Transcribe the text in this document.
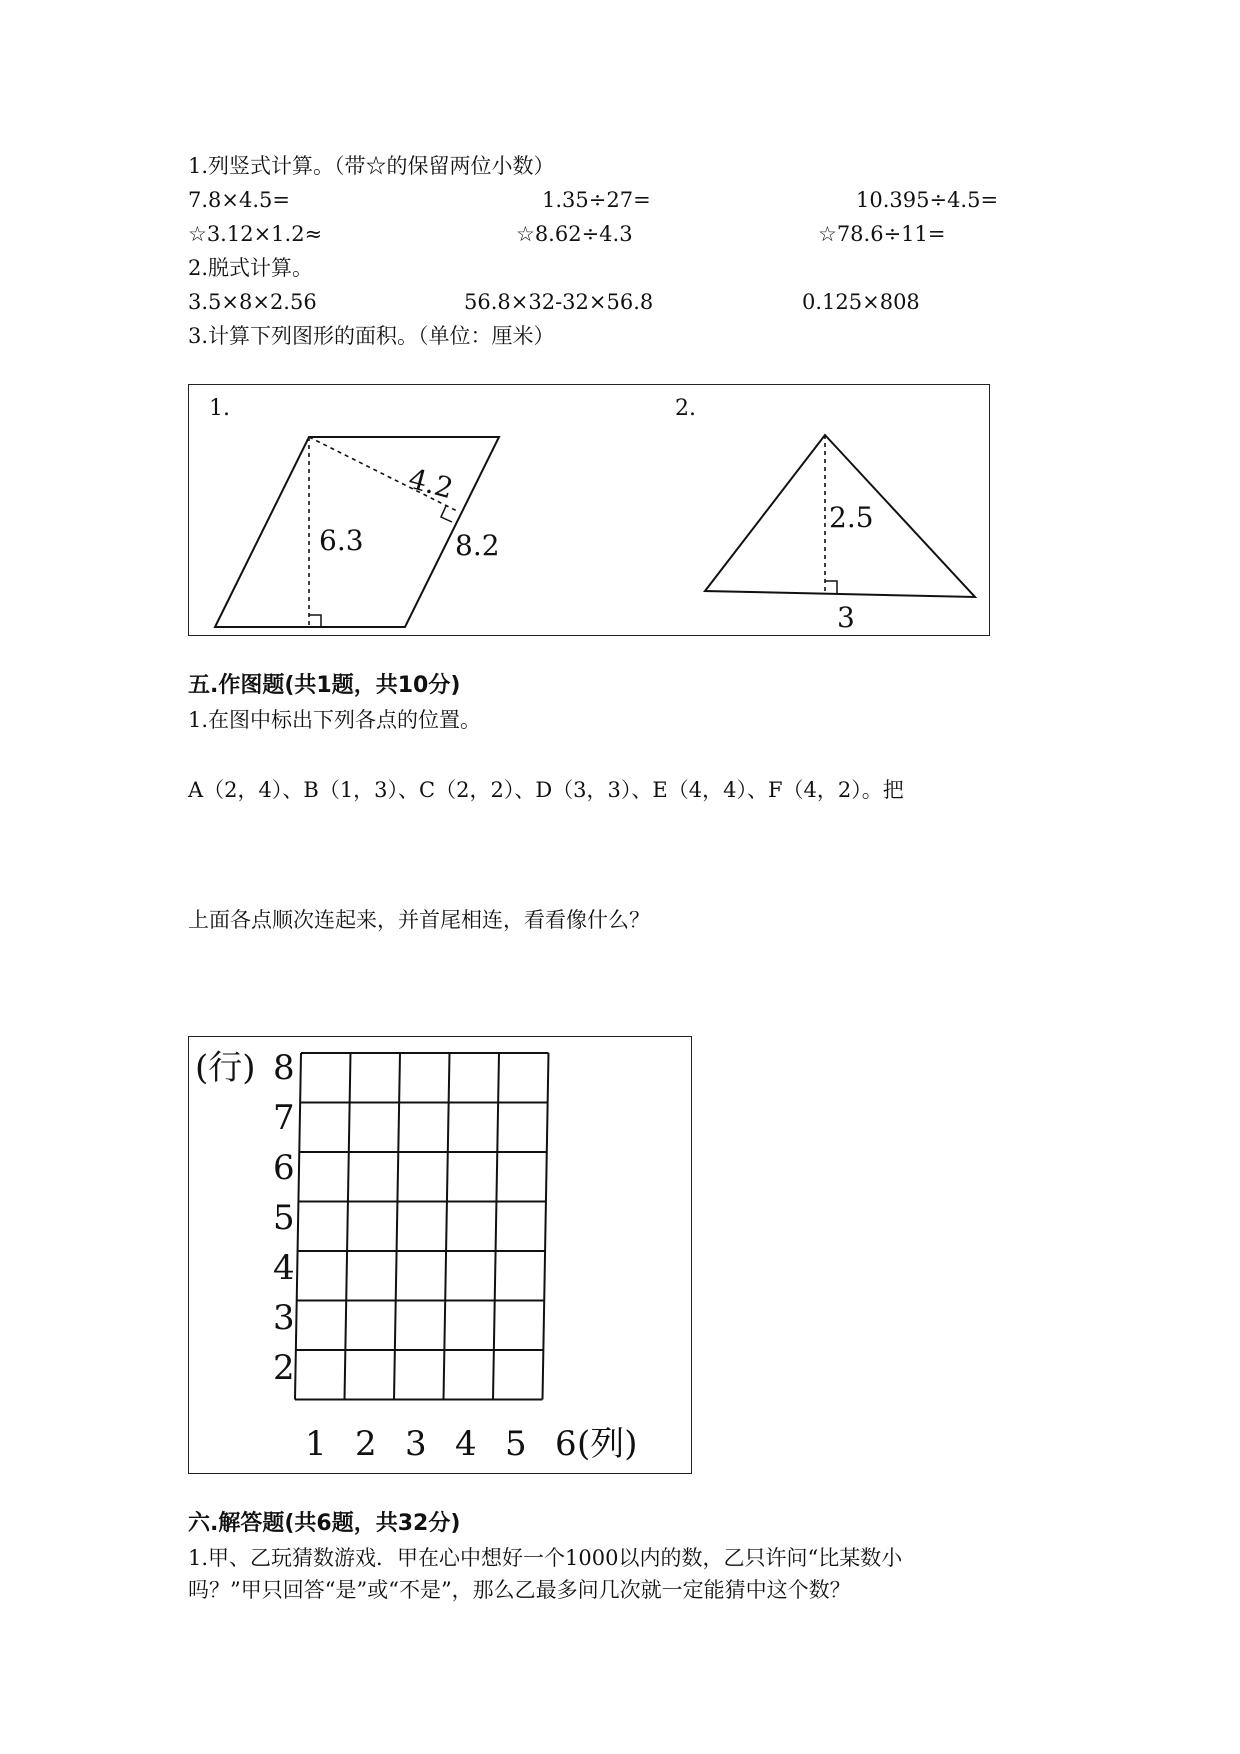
1.列竖式计算。（带☆的保留两位小数）
7.8×4.5=	1.35÷27=	10.395÷4.5=
☆3.12×1.2≈	☆8.62÷4.3	☆78.6÷11=
2.脱式计算。
3.5×8×2.56	56.8×32-32×56.8	0.125×808
3.计算下列图形的面积。（单位：厘米）
1.	2.
4.2
6.3	8.2
2.5
3
五.作图题(共1题，共10分)
1.在图中标出下列各点的位置。
A（2，4）、B（1，3）、C（2，2）、D（3，3）、E（4，4）、F（4，2）。把
上面各点顺次连起来，并首尾相连，看看像什么？
(行) 8
7
6
5
4
3
2
1 2 3 4 5 6 (列)
六.解答题(共6题，共32分)
1.甲、乙玩猜数游戏．甲在心中想好一个1000以内的数，乙只许问“比某数小
吗？”甲只回答“是”或“不是”，那么乙最多问几次就一定能猜中这个数？
